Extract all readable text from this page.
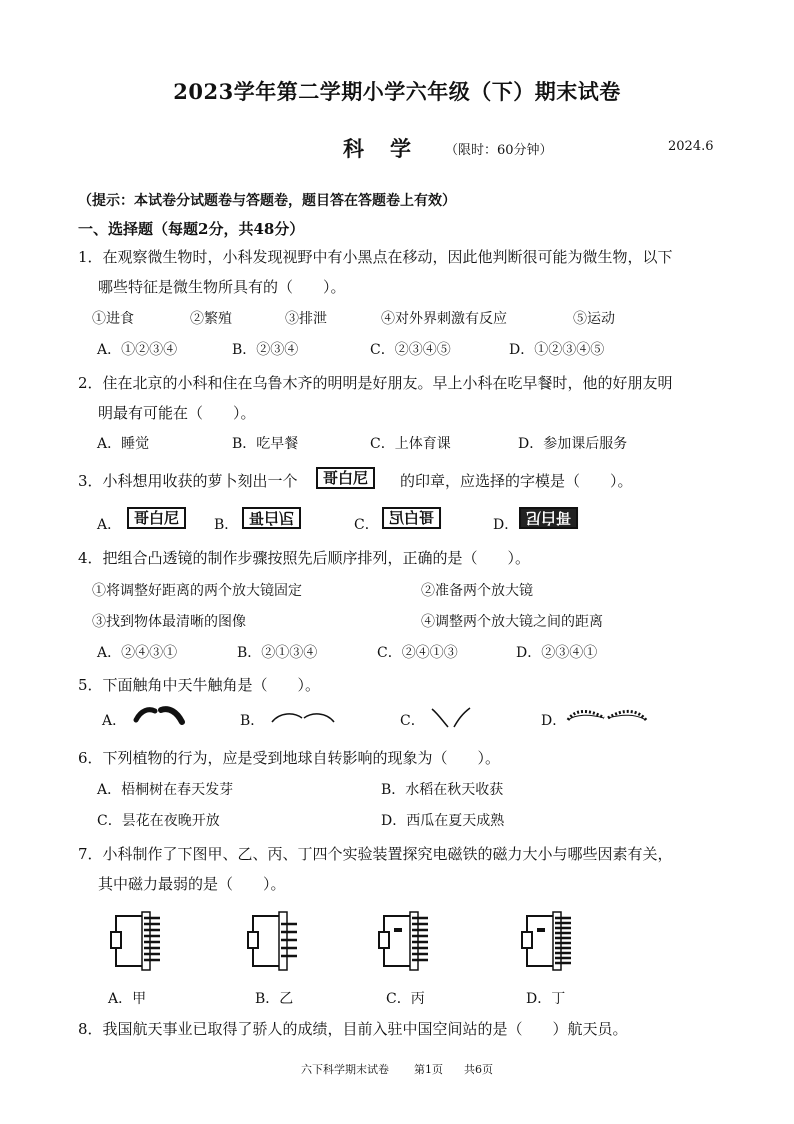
2023学年第二学期小学六年级（下）期末试卷
科学 （限时：60分钟）	2024.6
（提示：本试卷分试题卷与答题卷，题目答在答题卷上有效）
一、选择题（每题2分，共48分）
1．在观察微生物时，小科发现视野中有小黑点在移动，因此他判断很可能为微生物，以下
哪些特征是微生物所具有的（　　）。
①进食	②繁殖	③排泄	④对外界刺激有反应	⑤运动
A．①②③④	B．②③④	C．②③④⑤	D．①②③④⑤
2．住在北京的小科和住在乌鲁木齐的明明是好朋友。早上小科在吃早餐时，他的好朋友明
明最有可能在（　　）。
A．睡觉	B．吃早餐	C．上体育课	D．参加课后服务
3．小科想用收获的萝卜刻出一个	哥白尼	的印章，应选择的字模是（　　）。
A． 哥白尼	B． 哥白尼	C． 哥白尼	D． 哥白尼
4．把组合凸透镜的制作步骤按照先后顺序排列，正确的是（　　）。
①将调整好距离的两个放大镜固定	②准备两个放大镜
③找到物体最清晰的图像	④调整两个放大镜之间的距离
A．②④③①	B．②①③④	C．②④①③	D．②③④①
5．下面触角中天牛触角是（　　）。
A．	B．	C．	D．
6．下列植物的行为，应是受到地球自转影响的现象为（　　）。
A．梧桐树在春天发芽	B．水稻在秋天收获
C．昙花在夜晚开放	D．西瓜在夏天成熟
7．小科制作了下图甲、乙、丙、丁四个实验装置探究电磁铁的磁力大小与哪些因素有关，
其中磁力最弱的是（　　）。
A．甲	B．乙	C．丙	D．丁
8．我国航天事业已取得了骄人的成绩，目前入驻中国空间站的是（　　）航天员。
六下科学期末试卷 第1页 共6页
